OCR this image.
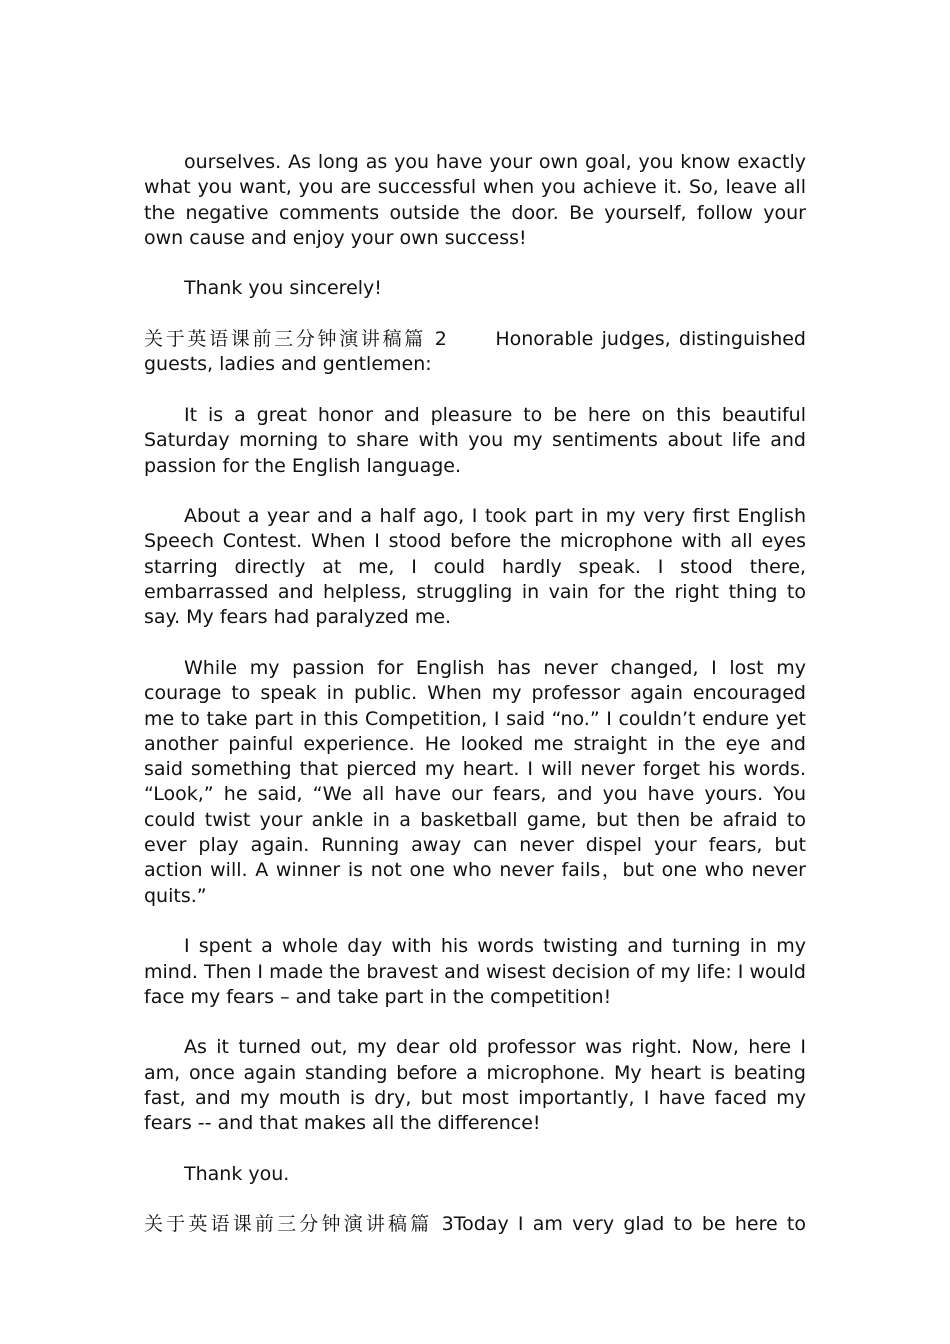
ourselves. As long as you have your own goal, you know exactly what you want, you are successful when you achieve it. So, leave all the negative comments outside the door. Be yourself, follow your own cause and enjoy your own success!

Thank you sincerely!

关于英语课前三分钟演讲稿篇 2	Honorable judges, distinguished guests, ladies and gentlemen:

It is a great honor and pleasure to be here on this beautiful Saturday morning to share with you my sentiments about life and passion for the English language.

About a year and a half ago, I took part in my very first English Speech Contest. When I stood before the microphone with all eyes starring directly at me, I could hardly speak. I stood there, embarrassed and helpless, struggling in vain for the right thing to say. My fears had paralyzed me.

While my passion for English has never changed, I lost my courage to speak in public. When my professor again encouraged me to take part in this Competition, I said “no.” I couldn’t endure yet another painful experience. He looked me straight in the eye and said something that pierced my heart. I will never forget his words. “Look,” he said, “We all have our fears, and you have yours. You could twist your ankle in a basketball game, but then be afraid to ever play again. Running away can never dispel your fears, but action will. A winner is not one who never fails，but one who never quits.”

I spent a whole day with his words twisting and turning in my mind. Then I made the bravest and wisest decision of my life: I would face my fears – and take part in the competition!

As it turned out, my dear old professor was right. Now, here I am, once again standing before a microphone. My heart is beating fast, and my mouth is dry, but most importantly, I have faced my fears -- and that makes all the difference!

Thank you.

关于英语课前三分钟演讲稿篇 3Today I am very glad to be here to
